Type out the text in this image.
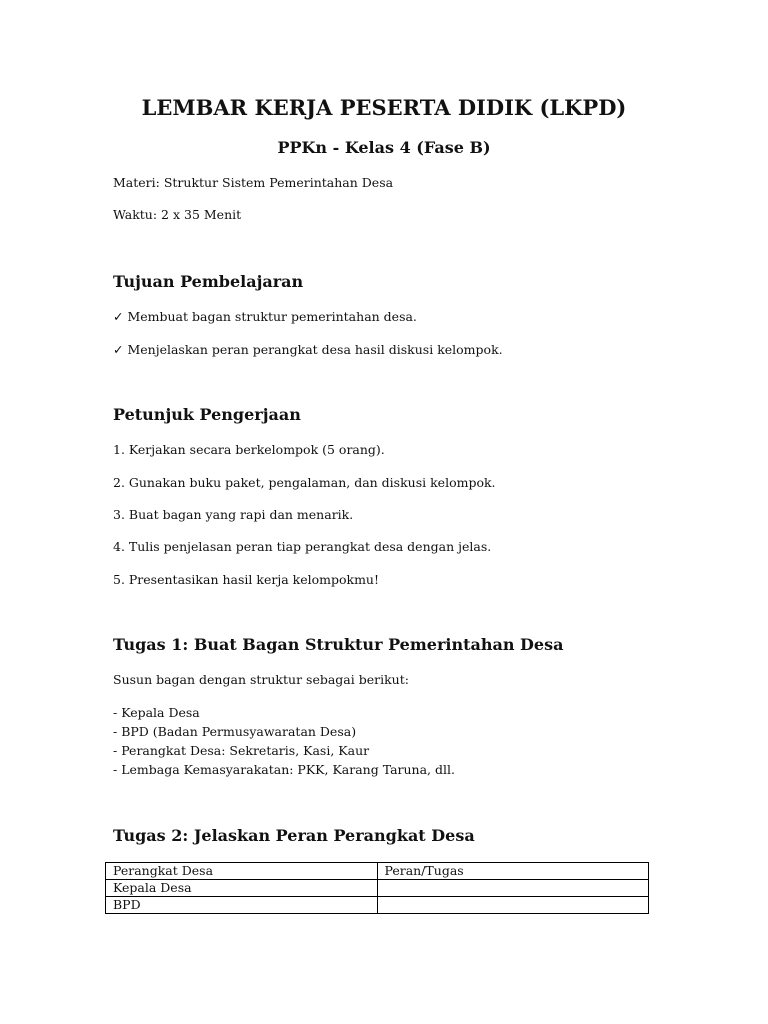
LEMBAR KERJA PESERTA DIDIK (LKPD)
PPKn - Kelas 4 (Fase B)
Materi: Struktur Sistem Pemerintahan Desa
Waktu: 2 x 35 Menit
Tujuan Pembelajaran
✓ Membuat bagan struktur pemerintahan desa.
✓ Menjelaskan peran perangkat desa hasil diskusi kelompok.
Petunjuk Pengerjaan
1. Kerjakan secara berkelompok (5 orang).
2. Gunakan buku paket, pengalaman, dan diskusi kelompok.
3. Buat bagan yang rapi dan menarik.
4. Tulis penjelasan peran tiap perangkat desa dengan jelas.
5. Presentasikan hasil kerja kelompokmu!
Tugas 1: Buat Bagan Struktur Pemerintahan Desa
Susun bagan dengan struktur sebagai berikut:
- Kepala Desa
- BPD (Badan Permusyawaratan Desa)
- Perangkat Desa: Sekretaris, Kasi, Kaur
- Lembaga Kemasyarakatan: PKK, Karang Taruna, dll.
Tugas 2: Jelaskan Peran Perangkat Desa
Perangkat Desa	Peran/Tugas
Kepala Desa	
BPD	
